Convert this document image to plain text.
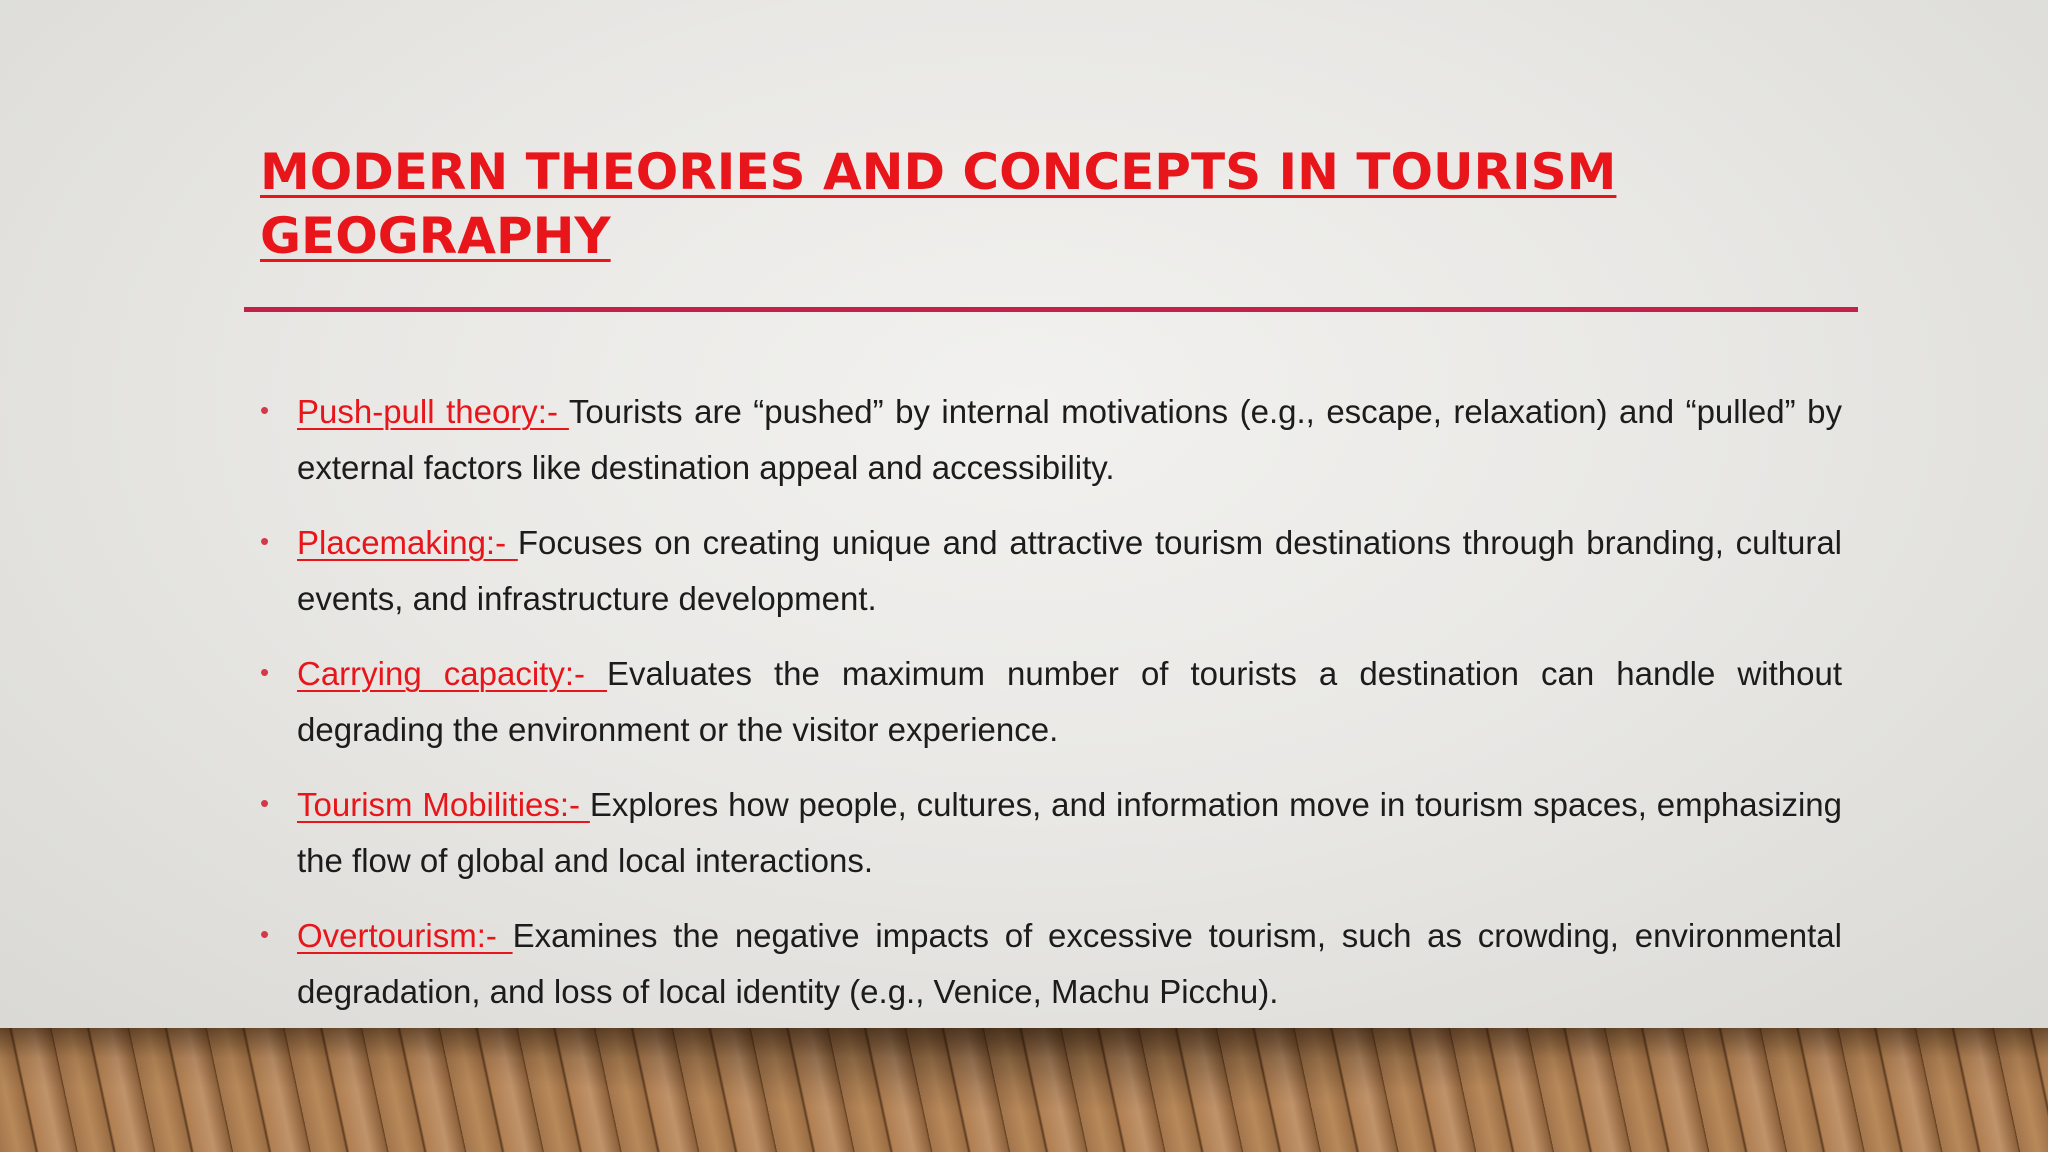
MODERN THEORIES AND CONCEPTS IN TOURISM
GEOGRAPHY
• Push-pull theory:- Tourists are “pushed” by internal motivations (e.g., escape, relaxation) and “pulled” by external factors like destination appeal and accessibility.
• Placemaking:- Focuses on creating unique and attractive tourism destinations through branding, cultural events, and infrastructure development.
• Carrying capacity:- Evaluates the maximum number of tourists a destination can handle without degrading the environment or the visitor experience.
• Tourism Mobilities:- Explores how people, cultures, and information move in tourism spaces, emphasizing the flow of global and local interactions.
• Overtourism:- Examines the negative impacts of excessive tourism, such as crowding, environmental degradation, and loss of local identity (e.g., Venice, Machu Picchu).
